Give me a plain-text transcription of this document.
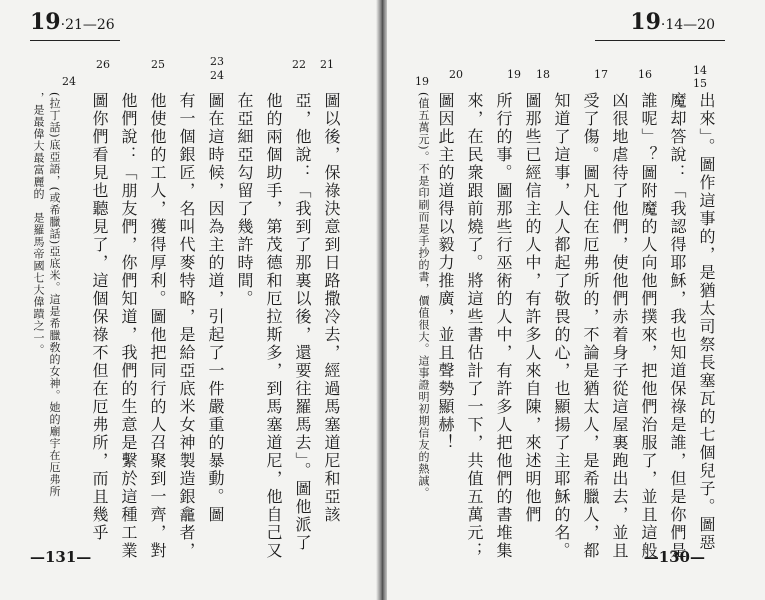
19·21—26
26	25	23
24
22 21
圖以後，保祿決意到日路撒冷去，經過馬塞道尼和亞該
亞，他說：「我到了那裏以後，還要往羅馬去」。圖他派了
他的兩個助手，第茂德和厄拉斯多，到馬塞道尼，他自己又
在亞細亞勾留了幾許時間。
圖在這時候，因為主的道，引起了一件嚴重的暴動。圖
有一個銀匠，名叫代麥特略，是給亞底米女神製造銀龕者，
他使他的工人，獲得厚利。圖他把同行的人召聚到一齊，對
他們說：「朋友們，你們知道，我們的生意是繫於這種工業
圖你們看見也聽見了，這個保祿不但在厄弗所，而且幾乎
24
(拉丁話)底亞語，(或希臘話)亞底米。這是希臘敎的女神。她的廟宇在厄弗所
，是最偉大最富麗的　是羅馬帝國七大偉蹟之一。
—131—
19·14—20
20	19 18	17	16	14
15
出來」。圖作這事的，是猶太司祭長塞瓦的七個兒子。圖惡
魔却答說：「我認得耶穌，我也知道保祿是誰，但是你們是
誰呢」？圖附魔的人向他們撲來，把他們治服了，並且這般
凶很地虐待了他們，使他們赤着身子從這屋裏跑出去，並且
受了傷。圖凡住在厄弗所的，不論是猶太人，是希臘人，都
知道了這事，人人都起了敬畏的心，也顯揚了主耶穌的名。
圖那些已經信主的人中，有許多人來自陳，來述明他們
所行的事。圖那些行巫術的人中，有許多人把他們的書堆集
來，在民衆跟前燒了。將這些書估計了一下，共值五萬元；
圖因此主的道得以毅力推廣，並且聲勢顯赫！
19
(值五萬元)。不是印刷而是手抄的書，價值很大。這事證明初期信友的熱誠。
—130—
